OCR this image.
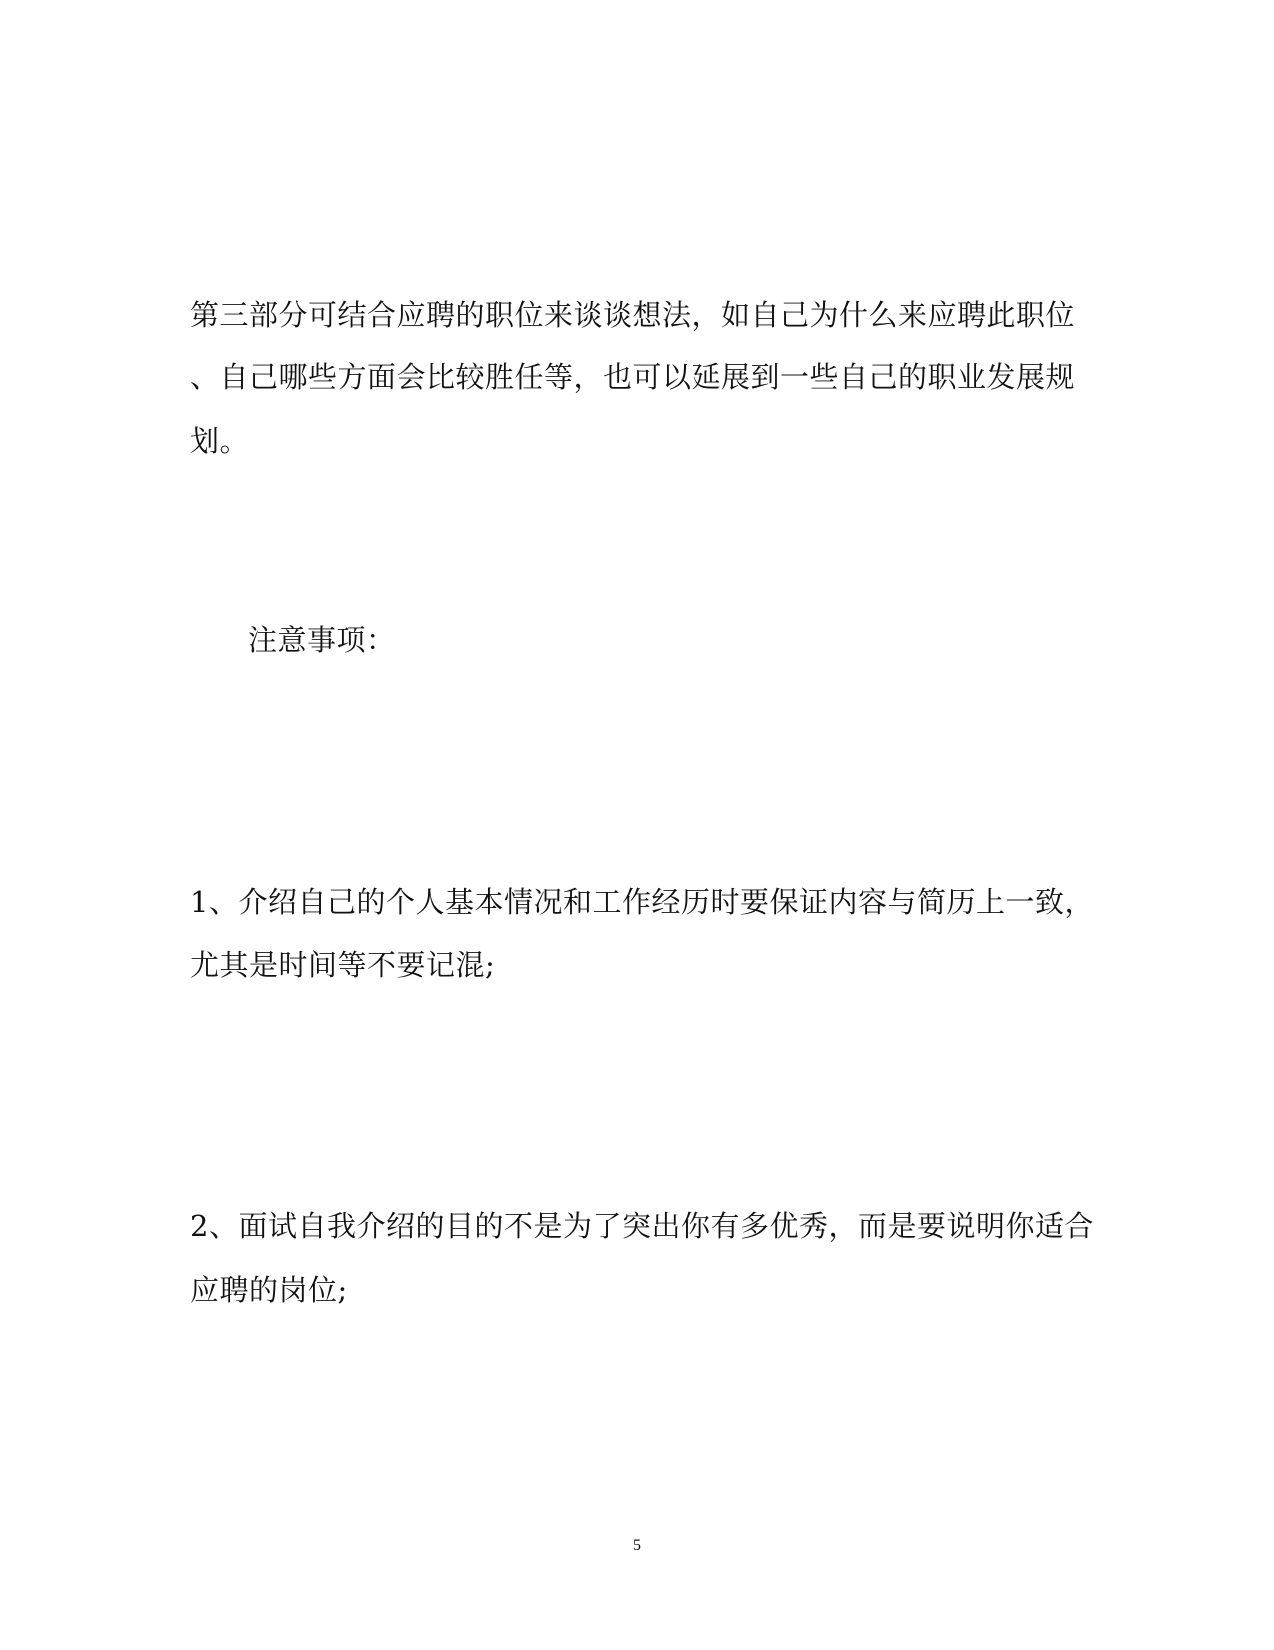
第三部分可结合应聘的职位来谈谈想法，如自己为什么来应聘此职位
、自己哪些方面会比较胜任等，也可以延展到一些自己的职业发展规
划。
注意事项：
1、介绍自己的个人基本情况和工作经历时要保证内容与简历上一致，
尤其是时间等不要记混;
2、面试自我介绍的目的不是为了突出你有多优秀，而是要说明你适合
应聘的岗位;
5
